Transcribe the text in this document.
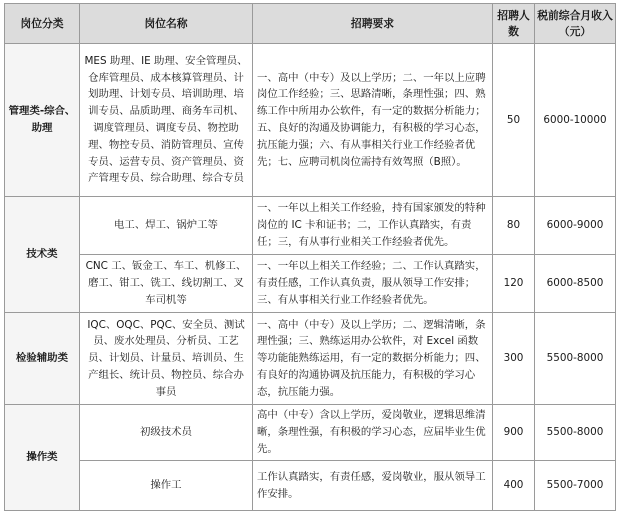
岗位分类	岗位名称	招聘要求	招聘人数	税前综合月收入（元）
管理类-综合、助理	MES 助理、IE 助理、安全管理员、仓库管理员、成本核算管理员、计划助理、计划专员、培训助理、培训专员、品质助理、商务车司机、调度管理员、调度专员、物控助理、物控专员、消防管理员、宣传专员、运营专员、资产管理员、资产管理专员、综合助理、综合专员	一、高中（中专）及以上学历；二、一年以上应聘岗位工作经验；三、思路清晰，条理性强；四、熟练工作中所用办公软件，有一定的数据分析能力；五、良好的沟通及协调能力，有积极的学习心态，抗压能力强；六、有从事相关行业工作经验者优先；七、应聘司机岗位需持有效驾照（B照）。	50	6000-10000
技术类	电工、焊工、锅炉工等	一、一年以上相关工作经验，持有国家颁发的特种岗位的 IC 卡和证书；二，工作认真踏实，有责任；三，有从事行业相关工作经验者优先。	80	6000-9000
	CNC 工、钣金工、车工、机修工、磨工、钳工、铣工、线切割工、叉车司机等	一、一年以上相关工作经验；二、工作认真踏实，有责任感，工作认真负责，服从领导工作安排；三、有从事相关行业工作经验者优先。	120	6000-8500
检验辅助类	IQC、OQC、PQC、安全员、测试员、废水处理员、分析员、工艺员、计划员、计量员、培训员、生产组长、统计员、物控员、综合办事员	一、高中（中专）及以上学历；二、逻辑清晰，条理性强；三、熟练运用办公软件，对 Excel 函数等功能能熟练运用，有一定的数据分析能力；四、有良好的沟通协调及抗压能力，有积极的学习心态，抗压能力强。	300	5500-8000
操作类	初级技术员	高中（中专）含以上学历，爱岗敬业，逻辑思维清晰，条理性强，有积极的学习心态，应届毕业生优先。	900	5500-8000
	操作工	工作认真踏实，有责任感，爱岗敬业，服从领导工作安排。	400	5500-7000
